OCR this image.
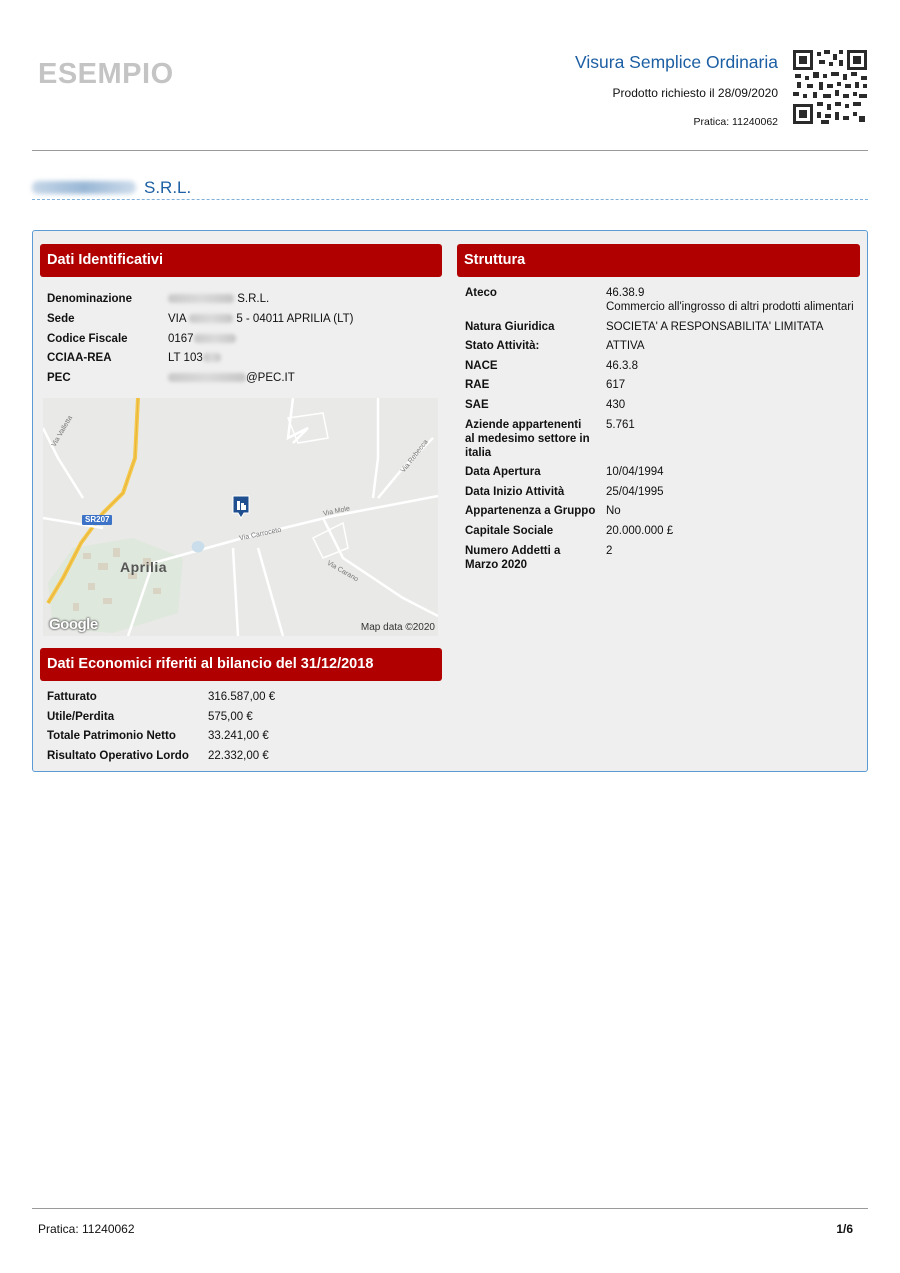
ESEMPIO	Visura Semplice Ordinaria
Prodotto richiesto il 28/09/2020
Pratica: 11240062
S.R.L.
Dati Identificativi
Denominazione	S.R.L.
Sede	VIA	5 - 04011 APRILIA (LT)
Codice Fiscale	0167
CCIAA-REA	LT 103
PEC	@PEC.IT
SR207
Aprilia
Via Carroceto
Via Mole
Via Carano
Via Valletta
Via Rebecca
Google	Map data ©2020
Dati Economici riferiti al bilancio del 31/12/2018
Fatturato	316.587,00 €
Utile/Perdita	575,00 €
Totale Patrimonio Netto	33.241,00 €
Risultato Operativo Lordo 22.332,00 €
Struttura
Ateco	46.38.9
Commercio all'ingrosso di altri prodotti alimentari
Natura Giuridica	SOCIETA' A RESPONSABILITA' LIMITATA
Stato Attività:	ATTIVA
NACE	46.3.8
RAE	617
SAE	430
Aziende appartenenti
al medesimo settore in
italia
5.761
Data Apertura	10/04/1994
Data Inizio Attività	25/04/1995
Appartenenza a Gruppo No
Capitale Sociale	20.000.000 £
Numero Addetti a
Marzo 2020
2
Pratica: 11240062	1/6
